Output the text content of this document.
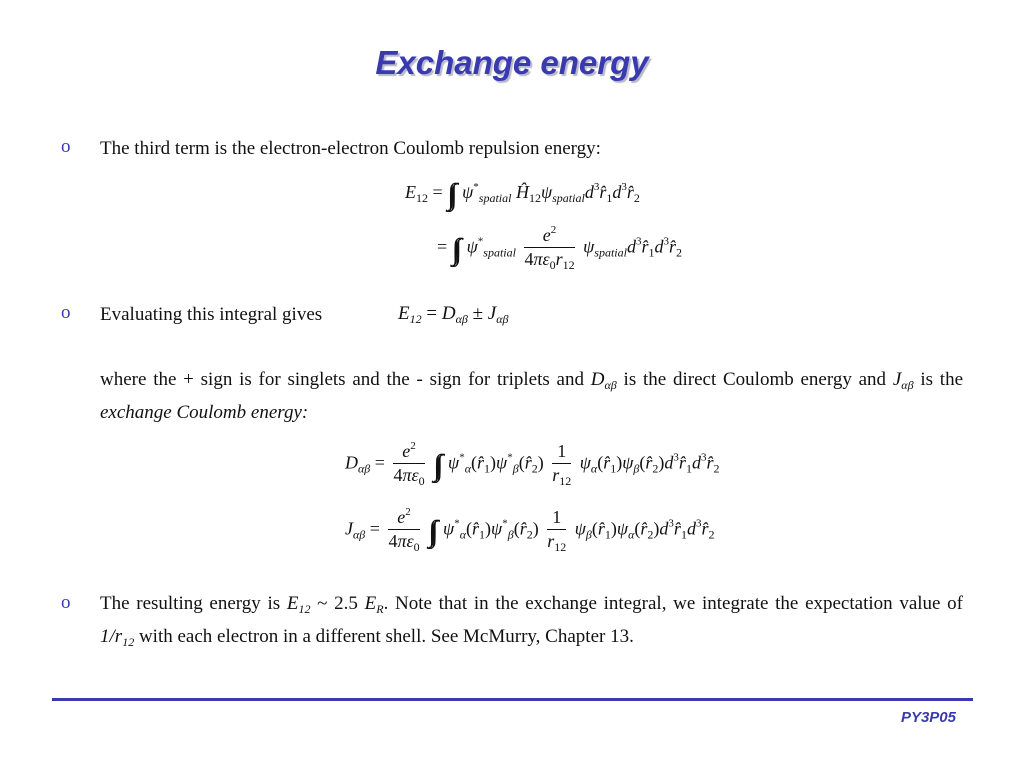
Exchange energy
o The third term is the electron-electron Coulomb repulsion energy:
$E_{12}$ = ∫∫ $\psi^*_{spatial}$ $Ĥ_{12}\psi_{spatial}d^3r̂_1d^3r̂_2$
= ∫∫ $\psi^*_{spatial} \frac{e^2}{4\pi\varepsilon_0r_{12}}$ $\psi_{spatial}d^3r̂_1d^3r̂_2$
o Evaluating this integral gives	$E_{12} = D_{\alpha\beta} \pm J_{\alpha\beta}$
where the + sign is for singlets and the - sign for triplets and $D_{\alpha\beta}$ is the direct Coulomb energy and $J_{\alpha\beta}$ is the exchange Coulomb energy:
$D_{\alpha\beta} = \frac{e^2}{4\pi\varepsilon_0}$ ∫∫ $\psi^*_\alpha(r̂_1)\psi^*_\beta(r̂_2) \frac{1}{r_{12}}$ $\psi_\alpha(r̂_1)\psi_\beta(r̂_2)d^3r̂_1d^3r̂_2$
$J_{\alpha\beta} = \frac{e^2}{4\pi\varepsilon_0}$ ∫∫ $\psi^*_\alpha(r̂_1)\psi^*_\beta(r̂_2) \frac{1}{r_{12}}$ $\psi_\beta(r̂_1)\psi_\alpha(r̂_2)d^3r̂_1d^3r̂_2$
o The resulting energy is $E_{12}$ ~ 2.5 $E_R$. Note that in the exchange integral, we integrate the expectation value of $1/r_{12}$ with each electron in a different shell. See McMurry, Chapter 13.
PY3P05
